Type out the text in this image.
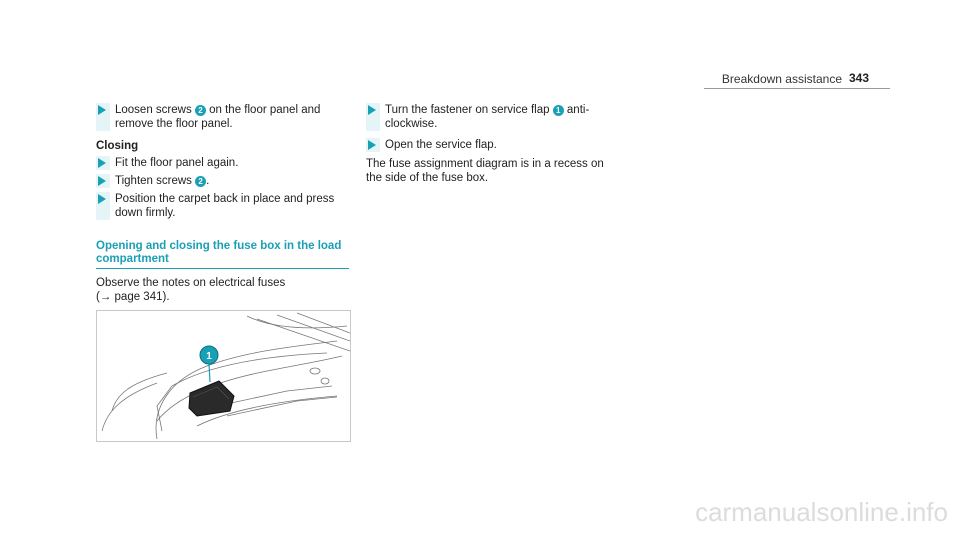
Breakdown assistance 343
Loosen screws 2 on the floor panel and remove the floor panel.
Closing
Fit the floor panel again.
Tighten screws 2 .
Position the carpet back in place and press down firmly.
Opening and closing the fuse box in the load compartment
Observe the notes on electrical fuses
(→ page 341).
1
Turn the fastener on service flap 1 anti-clockwise.
Open the service flap.
The fuse assignment diagram is in a recess on the side of the fuse box.
carmanualsonline.info
